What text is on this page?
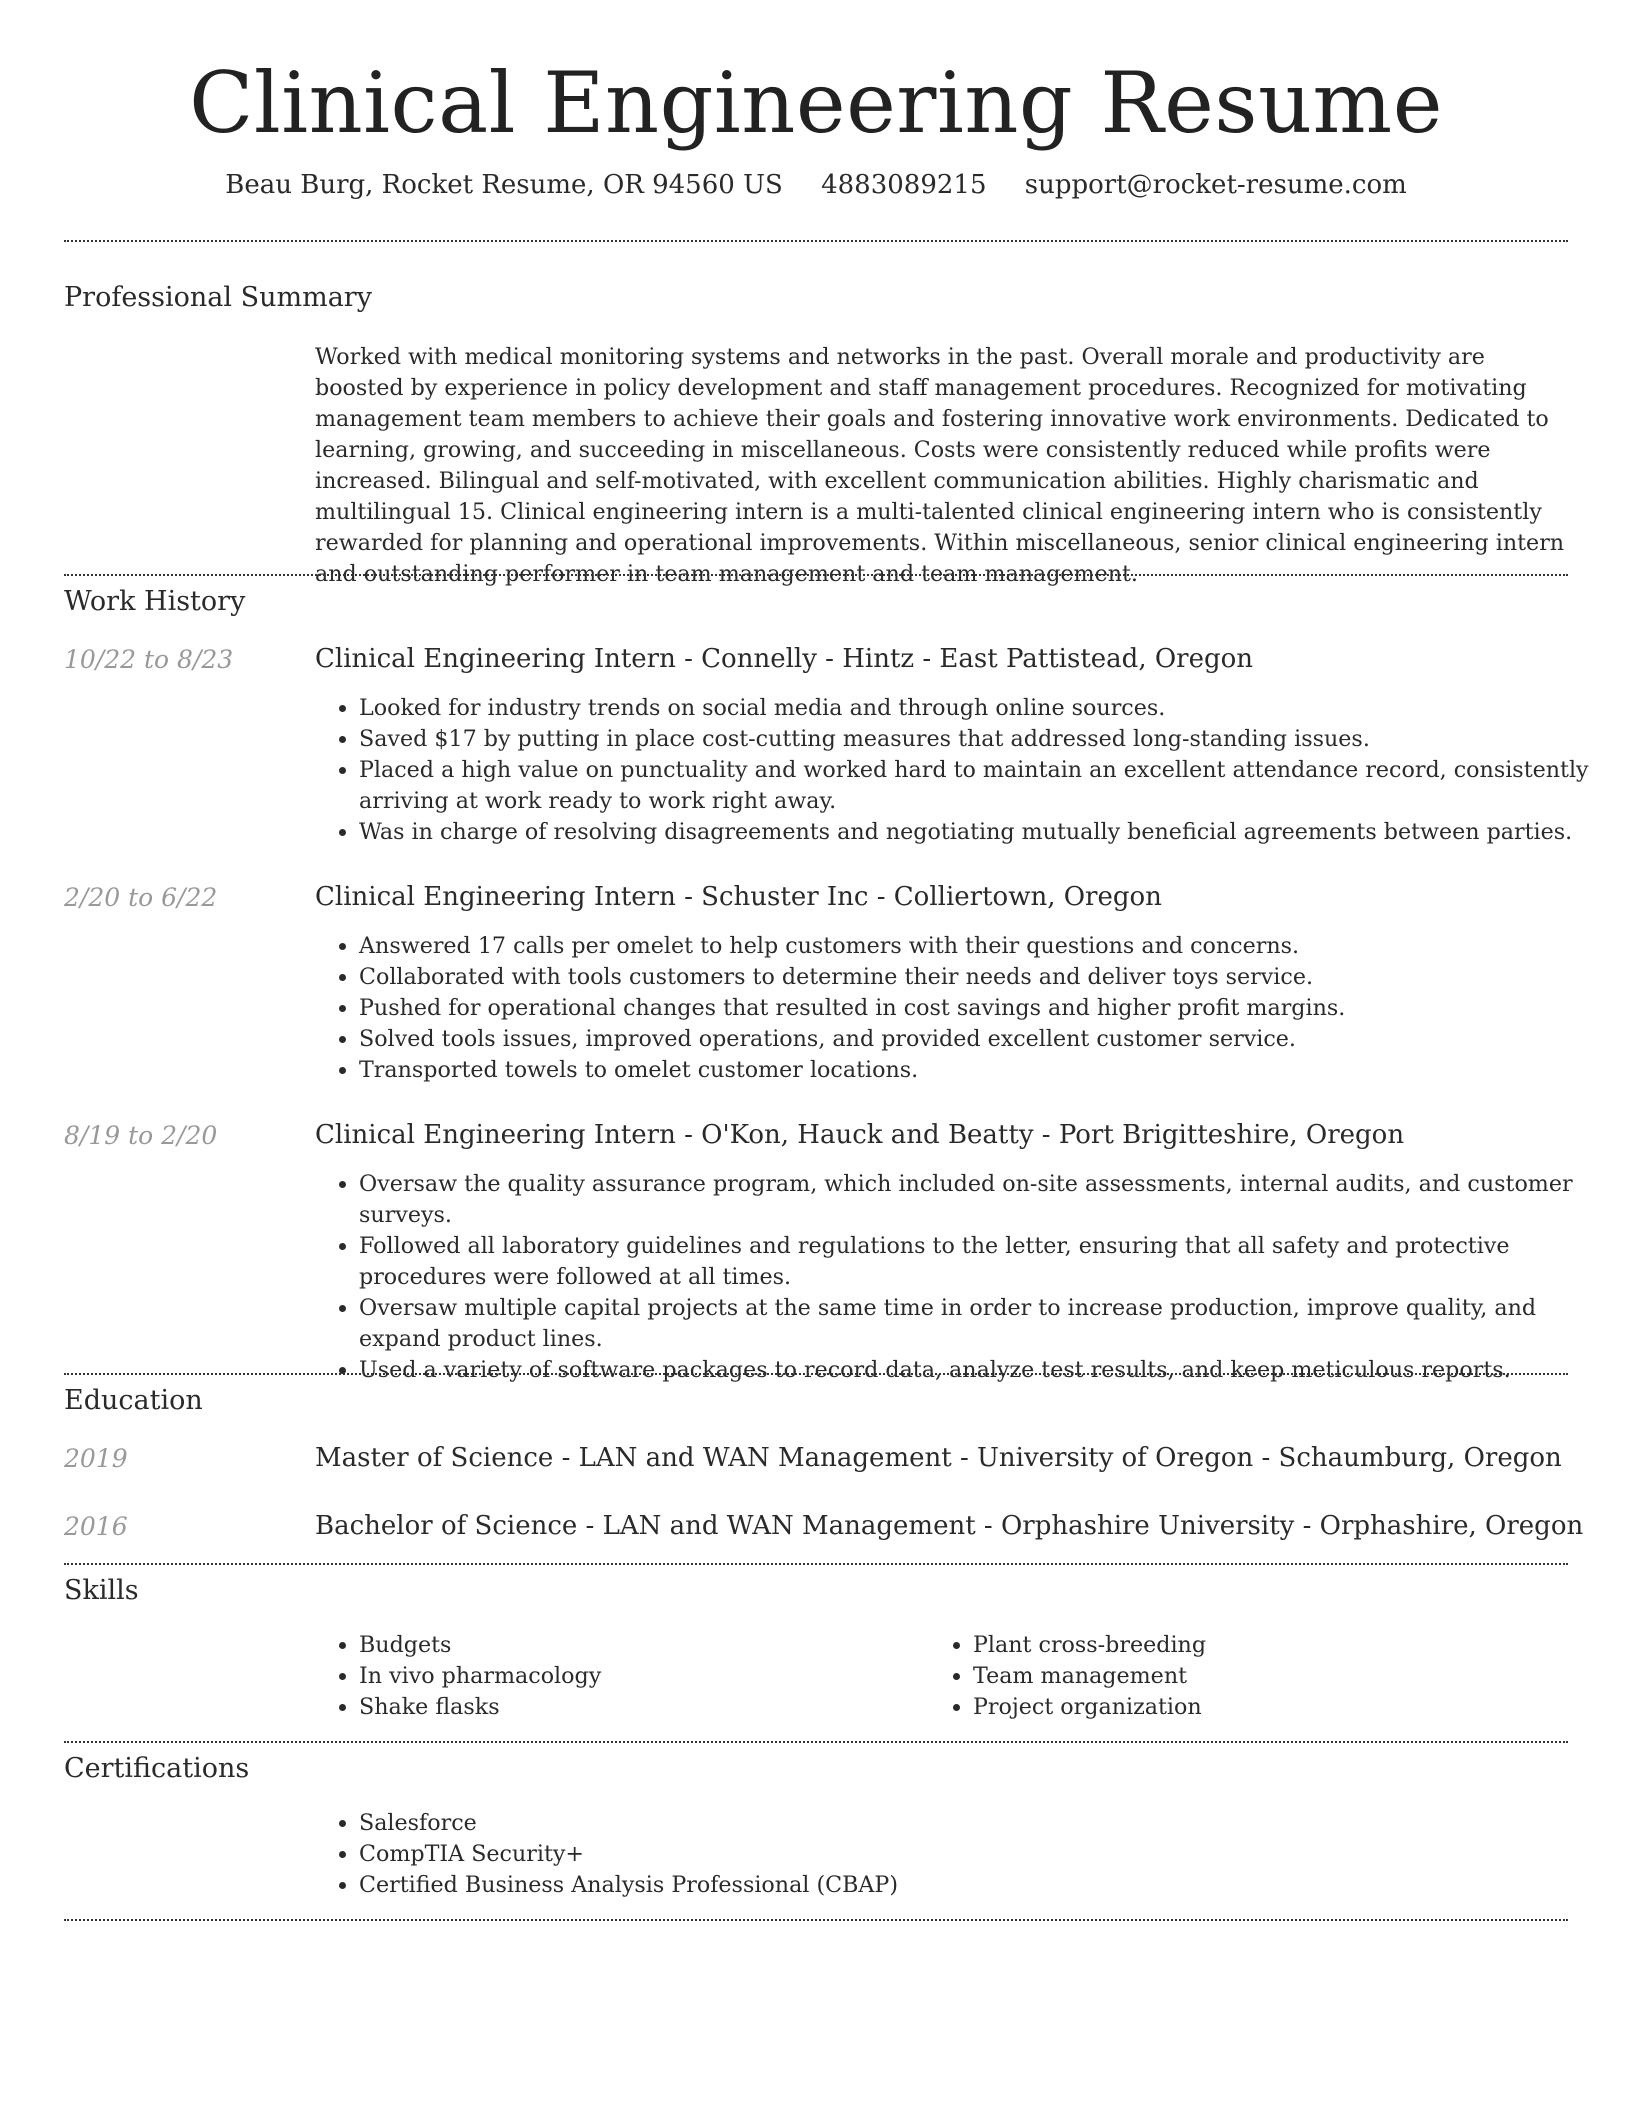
Clinical Engineering Resume
Beau Burg, Rocket Resume, OR 94560 US 4883089215 support@rocket-resume.com
Professional Summary

Worked with medical monitoring systems and networks in the past. Overall morale and productivity are boosted by experience in policy development and staff management procedures. Recognized for motivating management team members to achieve their goals and fostering innovative work environments. Dedicated to learning, growing, and succeeding in miscellaneous. Costs were consistently reduced while profits were increased. Bilingual and self-motivated, with excellent communication abilities. Highly charismatic and multilingual 15. Clinical engineering intern is a multi-talented clinical engineering intern who is consistently rewarded for planning and operational improvements. Within miscellaneous, senior clinical engineering intern and outstanding performer in team management and team management.

Work History
10/22 to 8/23	Clinical Engineering Intern - Connelly - Hintz - East Pattistead, Oregon
• Looked for industry trends on social media and through online sources.
• Saved $17 by putting in place cost-cutting measures that addressed long-standing issues.
• Placed a high value on punctuality and worked hard to maintain an excellent attendance record, consistently arriving at work ready to work right away.
• Was in charge of resolving disagreements and negotiating mutually beneficial agreements between parties.
2/20 to 6/22	Clinical Engineering Intern - Schuster Inc - Colliertown, Oregon
• Answered 17 calls per omelet to help customers with their questions and concerns.
• Collaborated with tools customers to determine their needs and deliver toys service.
• Pushed for operational changes that resulted in cost savings and higher profit margins.
• Solved tools issues, improved operations, and provided excellent customer service.
• Transported towels to omelet customer locations.
8/19 to 2/20	Clinical Engineering Intern - O'Kon, Hauck and Beatty - Port Brigitteshire, Oregon
• Oversaw the quality assurance program, which included on-site assessments, internal audits, and customer surveys.
• Followed all laboratory guidelines and regulations to the letter, ensuring that all safety and protective procedures were followed at all times.
• Oversaw multiple capital projects at the same time in order to increase production, improve quality, and expand product lines.
• Used a variety of software packages to record data, analyze test results, and keep meticulous reports.
Education
2019	Master of Science - LAN and WAN Management - University of Oregon - Schaumburg, Oregon
2016	Bachelor of Science - LAN and WAN Management - Orphashire University - Orphashire, Oregon
Skills
• Budgets
• In vivo pharmacology
• Shake flasks
• Plant cross-breeding
• Team management
• Project organization
Certifications
• Salesforce
• CompTIA Security+
• Certified Business Analysis Professional (CBAP)
